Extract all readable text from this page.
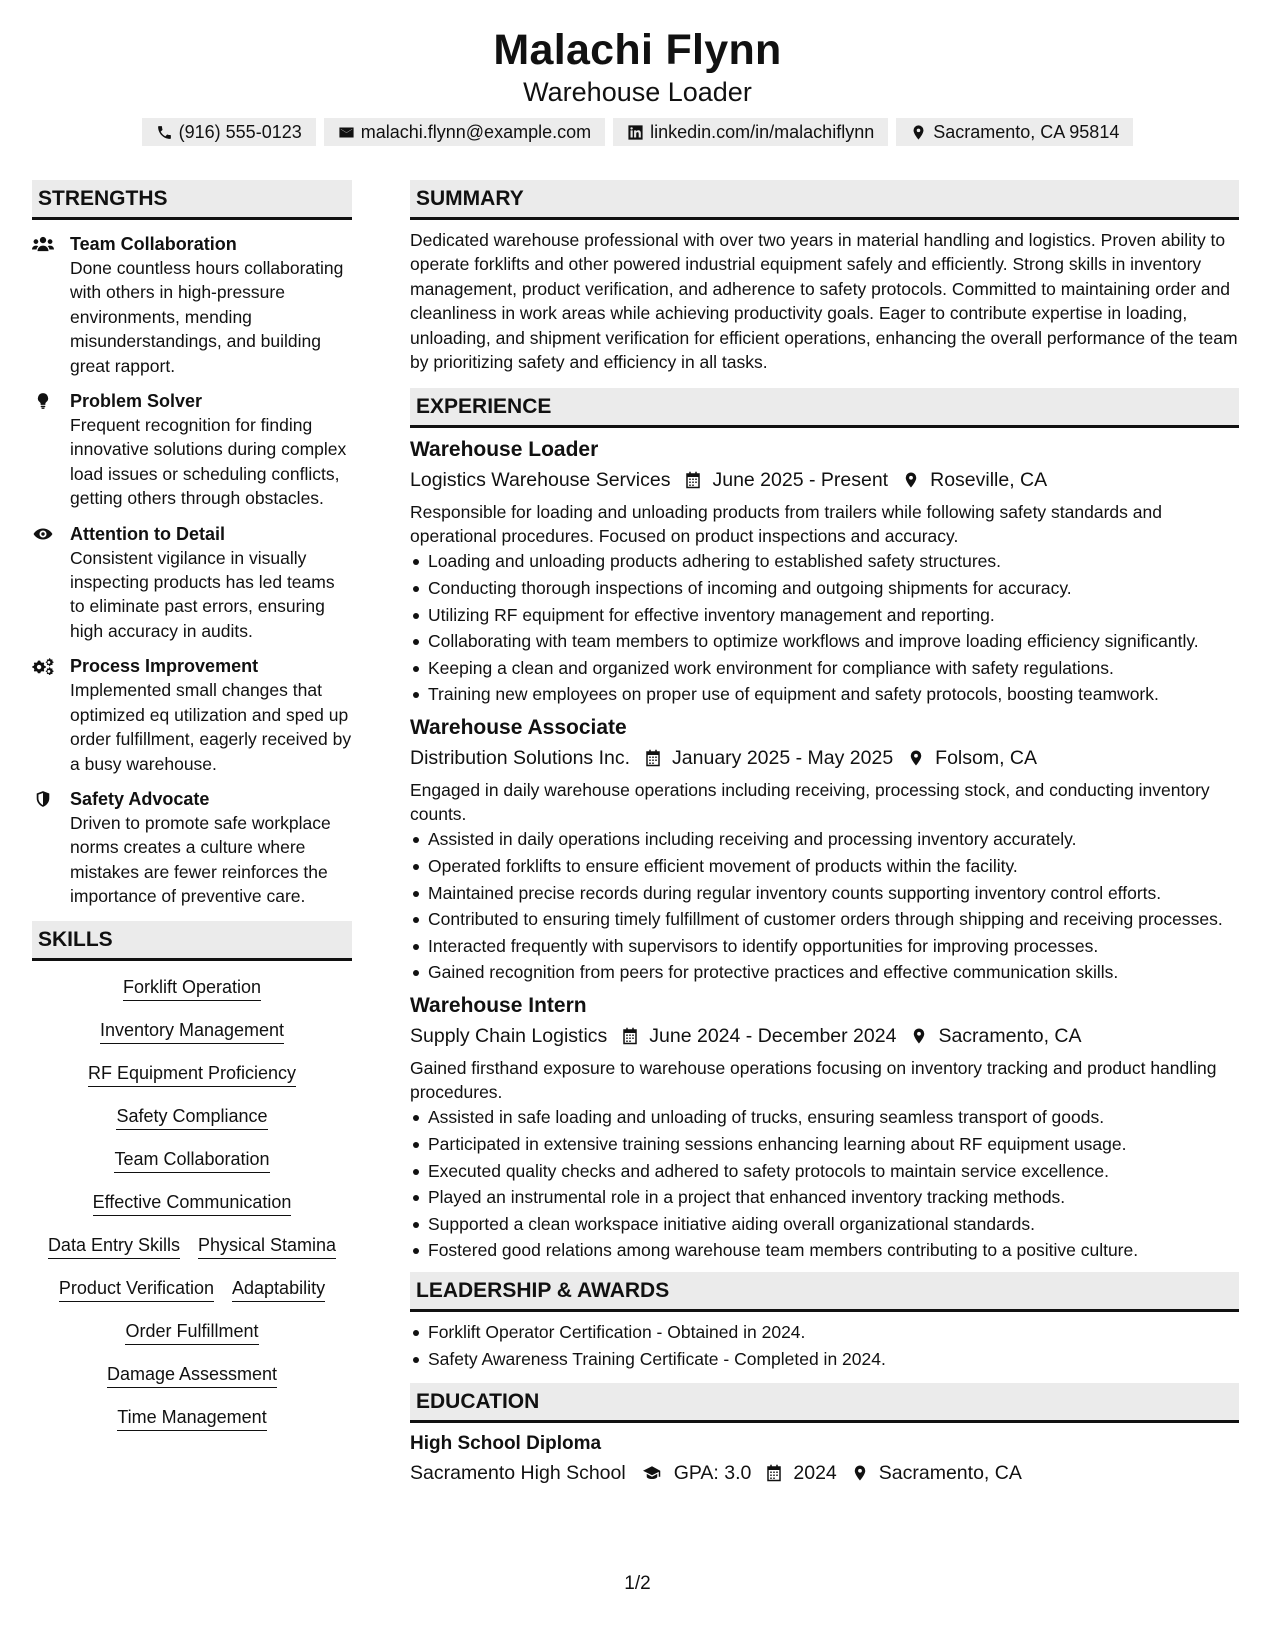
Malachi Flynn
Warehouse Loader
(916) 555-0123	malachi.flynn@example.com	linkedin.com/in/malachiflynn	Sacramento, CA 95814
STRENGTHS
Team Collaboration
Done countless hours collaborating with others in high-pressure environments, mending misunderstandings, and building great rapport.
Problem Solver
Frequent recognition for finding innovative solutions during complex load issues or scheduling conflicts, getting others through obstacles.
Attention to Detail
Consistent vigilance in visually inspecting products has led teams to eliminate past errors, ensuring high accuracy in audits.
Process Improvement
Implemented small changes that optimized eq utilization and sped up order fulfillment, eagerly received by a busy warehouse.
Safety Advocate
Driven to promote safe workplace norms creates a culture where mistakes are fewer reinforces the importance of preventive care.
SKILLS
Forklift Operation
Inventory Management
RF Equipment Proficiency
Safety Compliance
Team Collaboration
Effective Communication
Data Entry Skills Physical Stamina
Product Verification Adaptability
Order Fulfillment
Damage Assessment
Time Management
SUMMARY
Dedicated warehouse professional with over two years in material handling and logistics. Proven ability to operate forklifts and other powered industrial equipment safely and efficiently. Strong skills in inventory management, product verification, and adherence to safety protocols. Committed to maintaining order and cleanliness in work areas while achieving productivity goals. Eager to contribute expertise in loading, unloading, and shipment verification for efficient operations, enhancing the overall performance of the team by prioritizing safety and efficiency in all tasks.
EXPERIENCE
Warehouse Loader
Logistics Warehouse Services June 2025 - Present Roseville, CA
Responsible for loading and unloading products from trailers while following safety standards and operational procedures. Focused on product inspections and accuracy.
Loading and unloading products adhering to established safety structures.
Conducting thorough inspections of incoming and outgoing shipments for accuracy.
Utilizing RF equipment for effective inventory management and reporting.
Collaborating with team members to optimize workflows and improve loading efficiency significantly.
Keeping a clean and organized work environment for compliance with safety regulations.
Training new employees on proper use of equipment and safety protocols, boosting teamwork.
Warehouse Associate
Distribution Solutions Inc. January 2025 - May 2025 Folsom, CA
Engaged in daily warehouse operations including receiving, processing stock, and conducting inventory counts.
Assisted in daily operations including receiving and processing inventory accurately.
Operated forklifts to ensure efficient movement of products within the facility.
Maintained precise records during regular inventory counts supporting inventory control efforts.
Contributed to ensuring timely fulfillment of customer orders through shipping and receiving processes.
Interacted frequently with supervisors to identify opportunities for improving processes.
Gained recognition from peers for protective practices and effective communication skills.
Warehouse Intern
Supply Chain Logistics June 2024 - December 2024 Sacramento, CA
Gained firsthand exposure to warehouse operations focusing on inventory tracking and product handling procedures.
Assisted in safe loading and unloading of trucks, ensuring seamless transport of goods.
Participated in extensive training sessions enhancing learning about RF equipment usage.
Executed quality checks and adhered to safety protocols to maintain service excellence.
Played an instrumental role in a project that enhanced inventory tracking methods.
Supported a clean workspace initiative aiding overall organizational standards.
Fostered good relations among warehouse team members contributing to a positive culture.
LEADERSHIP & AWARDS
Forklift Operator Certification - Obtained in 2024.
Safety Awareness Training Certificate - Completed in 2024.
EDUCATION
High School Diploma
Sacramento High School GPA: 3.0 2024 Sacramento, CA
1/2
